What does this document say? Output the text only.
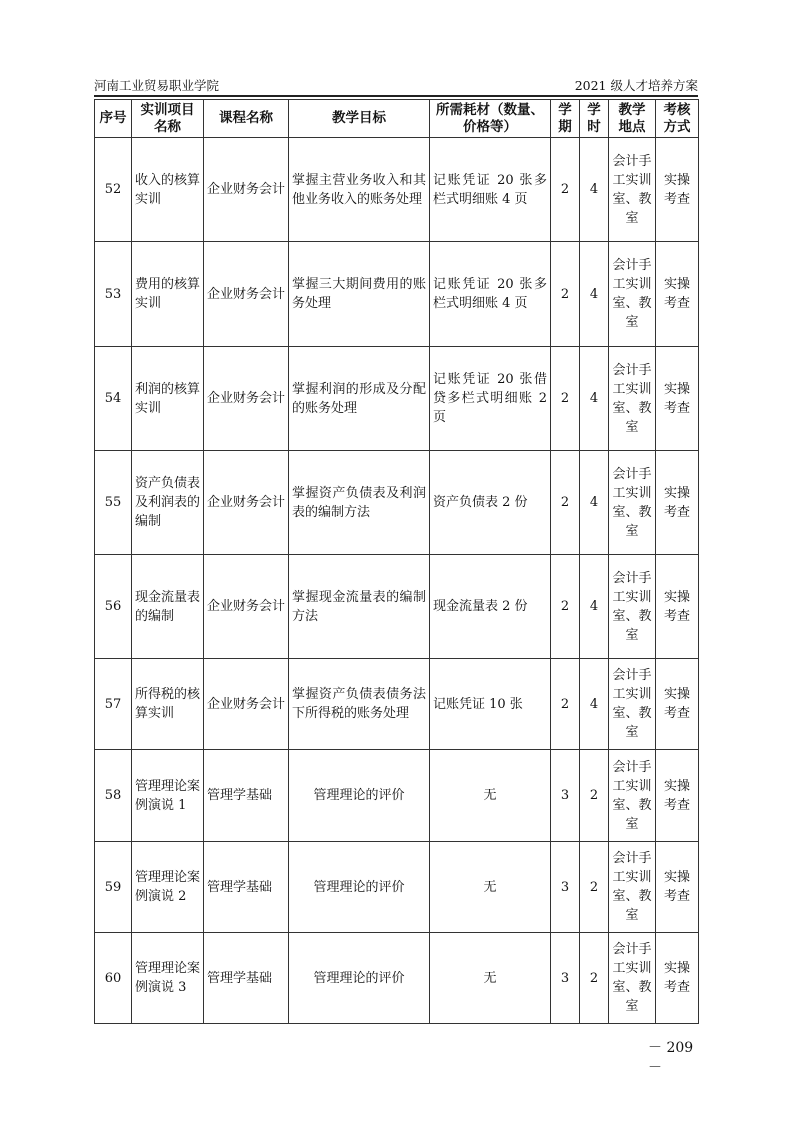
河南工业贸易职业学院	2021 级人才培养方案
序号	实训项目名称	课程名称	教学目标	所需耗材（数量、价格等）	学期	学时	教学地点	考核方式
52	收入的核算实训	企业财务会计	掌握主营业务收入和其他业务收入的账务处理	记账凭证 20 张多栏式明细账 4 页	2	4	会计手工实训室、教室	实操考查
53	费用的核算实训	企业财务会计	掌握三大期间费用的账务处理	记账凭证 20 张多栏式明细账 4 页	2	4	会计手工实训室、教室	实操考查
54	利润的核算实训	企业财务会计	掌握利润的形成及分配的账务处理	记账凭证 20 张借贷多栏式明细账 2 页	2	4	会计手工实训室、教室	实操考查
55	资产负债表及利润表的编制	企业财务会计	掌握资产负债表及利润表的编制方法	资产负债表 2 份	2	4	会计手工实训室、教室	实操考查
56	现金流量表的编制	企业财务会计	掌握现金流量表的编制方法	现金流量表 2 份	2	4	会计手工实训室、教室	实操考查
57	所得税的核算实训	企业财务会计	掌握资产负债表债务法下所得税的账务处理	记账凭证 10 张	2	4	会计手工实训室、教室	实操考查
58	管理理论案例演说 1	管理学基础	管理理论的评价	无	3	2	会计手工实训室、教室	实操考查
59	管理理论案例演说 2	管理学基础	管理理论的评价	无	3	2	会计手工实训室、教室	实操考查
60	管理理论案例演说 3	管理学基础	管理理论的评价	无	3	2	会计手工实训室、教室	实操考查
－ 209 －
